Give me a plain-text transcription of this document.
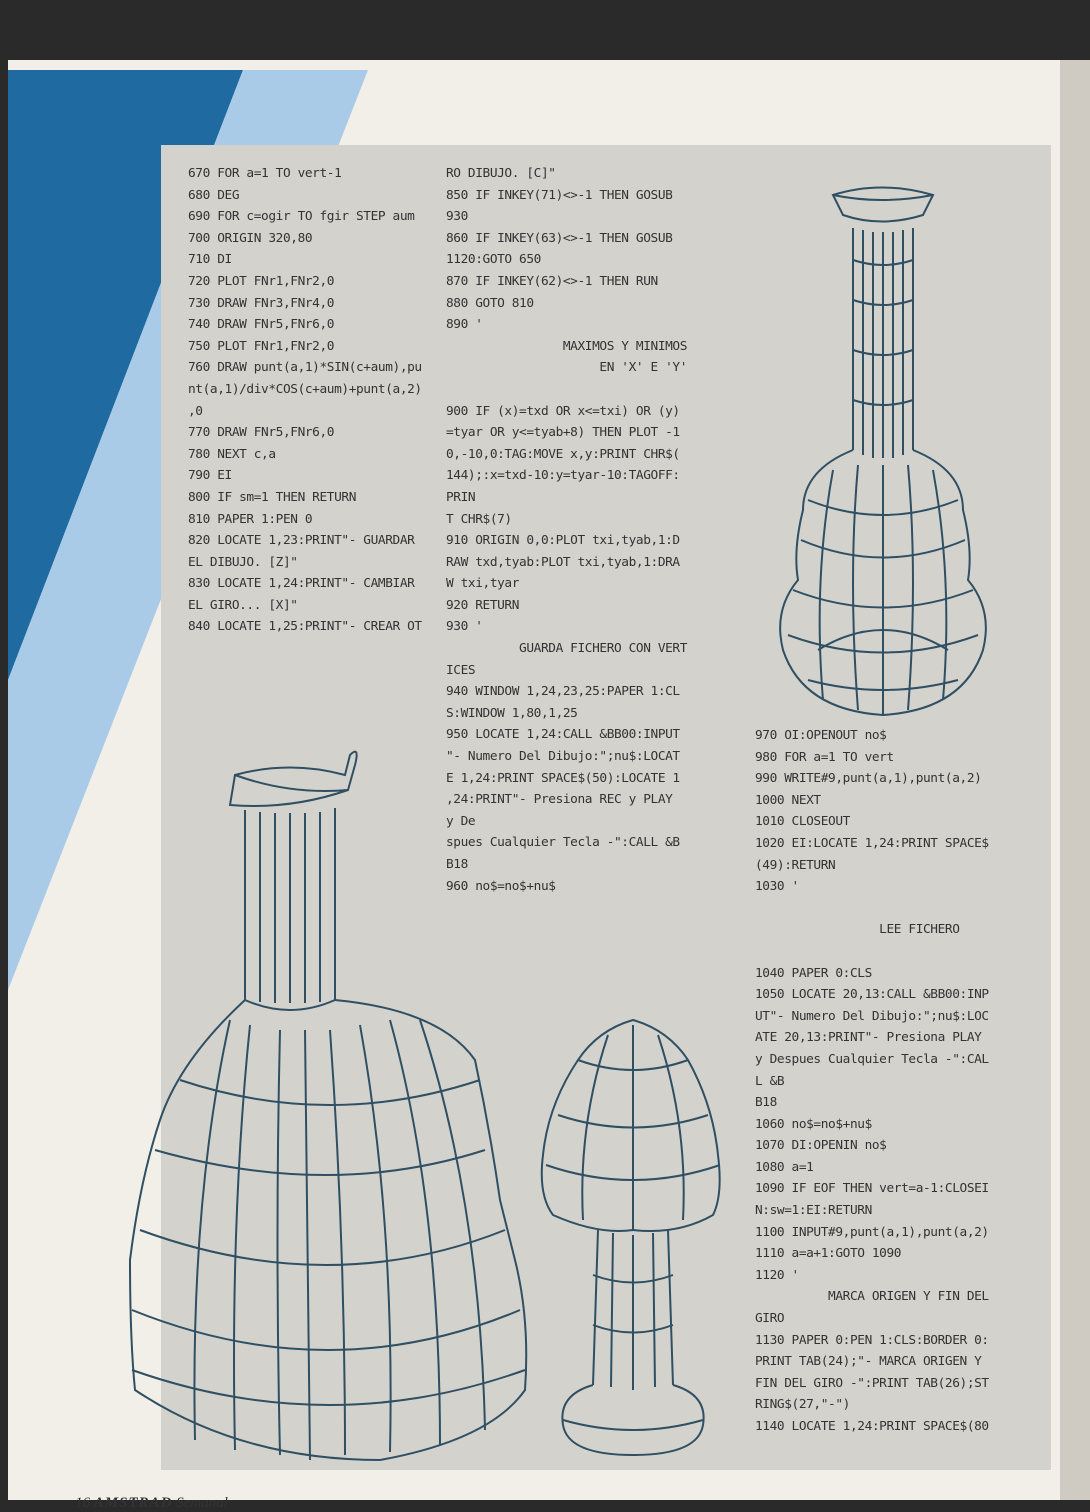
670 FOR a=1 TO vert-1
680 DEG
690 FOR c=ogir TO fgir STEP aum
700 ORIGIN 320,80
710 DI
720 PLOT FNr1,FNr2,0
730 DRAW FNr3,FNr4,0
740 DRAW FNr5,FNr6,0
750 PLOT FNr1,FNr2,0
760 DRAW punt(a,1)*SIN(c+aum),pu
nt(a,1)/div*COS(c+aum)+punt(a,2)
,0
770 DRAW FNr5,FNr6,0
780 NEXT c,a
790 EI
800 IF sm=1 THEN RETURN
810 PAPER 1:PEN 0
820 LOCATE 1,23:PRINT"- GUARDAR
EL DIBUJO. [Z]"
830 LOCATE 1,24:PRINT"- CAMBIAR
EL GIRO... [X]"
840 LOCATE 1,25:PRINT"- CREAR OT
RO DIBUJO. [C]"
850 IF INKEY(71)<>-1 THEN GOSUB
930
860 IF INKEY(63)<>-1 THEN GOSUB
1120:GOTO 650
870 IF INKEY(62)<>-1 THEN RUN
880 GOTO 810
890 '
MAXIMOS Y MINIMOS
EN 'X' E 'Y'

900 IF (x)=txd OR x<=txi) OR (y)
=tyar OR y<=tyab+8) THEN PLOT -1
0,-10,0:TAG:MOVE x,y:PRINT CHR$(
144);:x=txd-10:y=tyar-10:TAGOFF:
PRIN
T CHR$(7)
910 ORIGIN 0,0:PLOT txi,tyab,1:D
RAW txd,tyab:PLOT txi,tyab,1:DRA
W txi,tyar
920 RETURN
930 '
GUARDA FICHERO CON VERT
ICES
940 WINDOW 1,24,23,25:PAPER 1:CL
S:WINDOW 1,80,1,25
950 LOCATE 1,24:CALL &BB00:INPUT
"- Numero Del Dibujo:";nu$:LOCAT
E 1,24:PRINT SPACE$(50):LOCATE 1
,24:PRINT"- Presiona REC y PLAY
y De
spues Cualquier Tecla -":CALL &B
B18
960 no$=no$+nu$
970 OI:OPENOUT no$
980 FOR a=1 TO vert
990 WRITE#9,punt(a,1),punt(a,2)
1000 NEXT
1010 CLOSEOUT
1020 EI:LOCATE 1,24:PRINT SPACE$
(49):RETURN
1030 '

LEE FICHERO

1040 PAPER 0:CLS
1050 LOCATE 20,13:CALL &BB00:INP
UT"- Numero Del Dibujo:";nu$:LOC
ATE 20,13:PRINT"- Presiona PLAY
y Despues Cualquier Tecla -":CAL
L &B
B18
1060 no$=no$+nu$
1070 DI:OPENIN no$
1080 a=1
1090 IF EOF THEN vert=a-1:CLOSEI
N:sw=1:EI:RETURN
1100 INPUT#9,punt(a,1),punt(a,2)
1110 a=a+1:GOTO 1090
1120 '
MARCA ORIGEN Y FIN DEL
GIRO
1130 PAPER 0:PEN 1:CLS:BORDER 0:
PRINT TAB(24);"- MARCA ORIGEN Y
FIN DEL GIRO -":PRINT TAB(26);ST
RING$(27,"-")
1140 LOCATE 1,24:PRINT SPACE$(80
16 AMSTRAD Semanal
